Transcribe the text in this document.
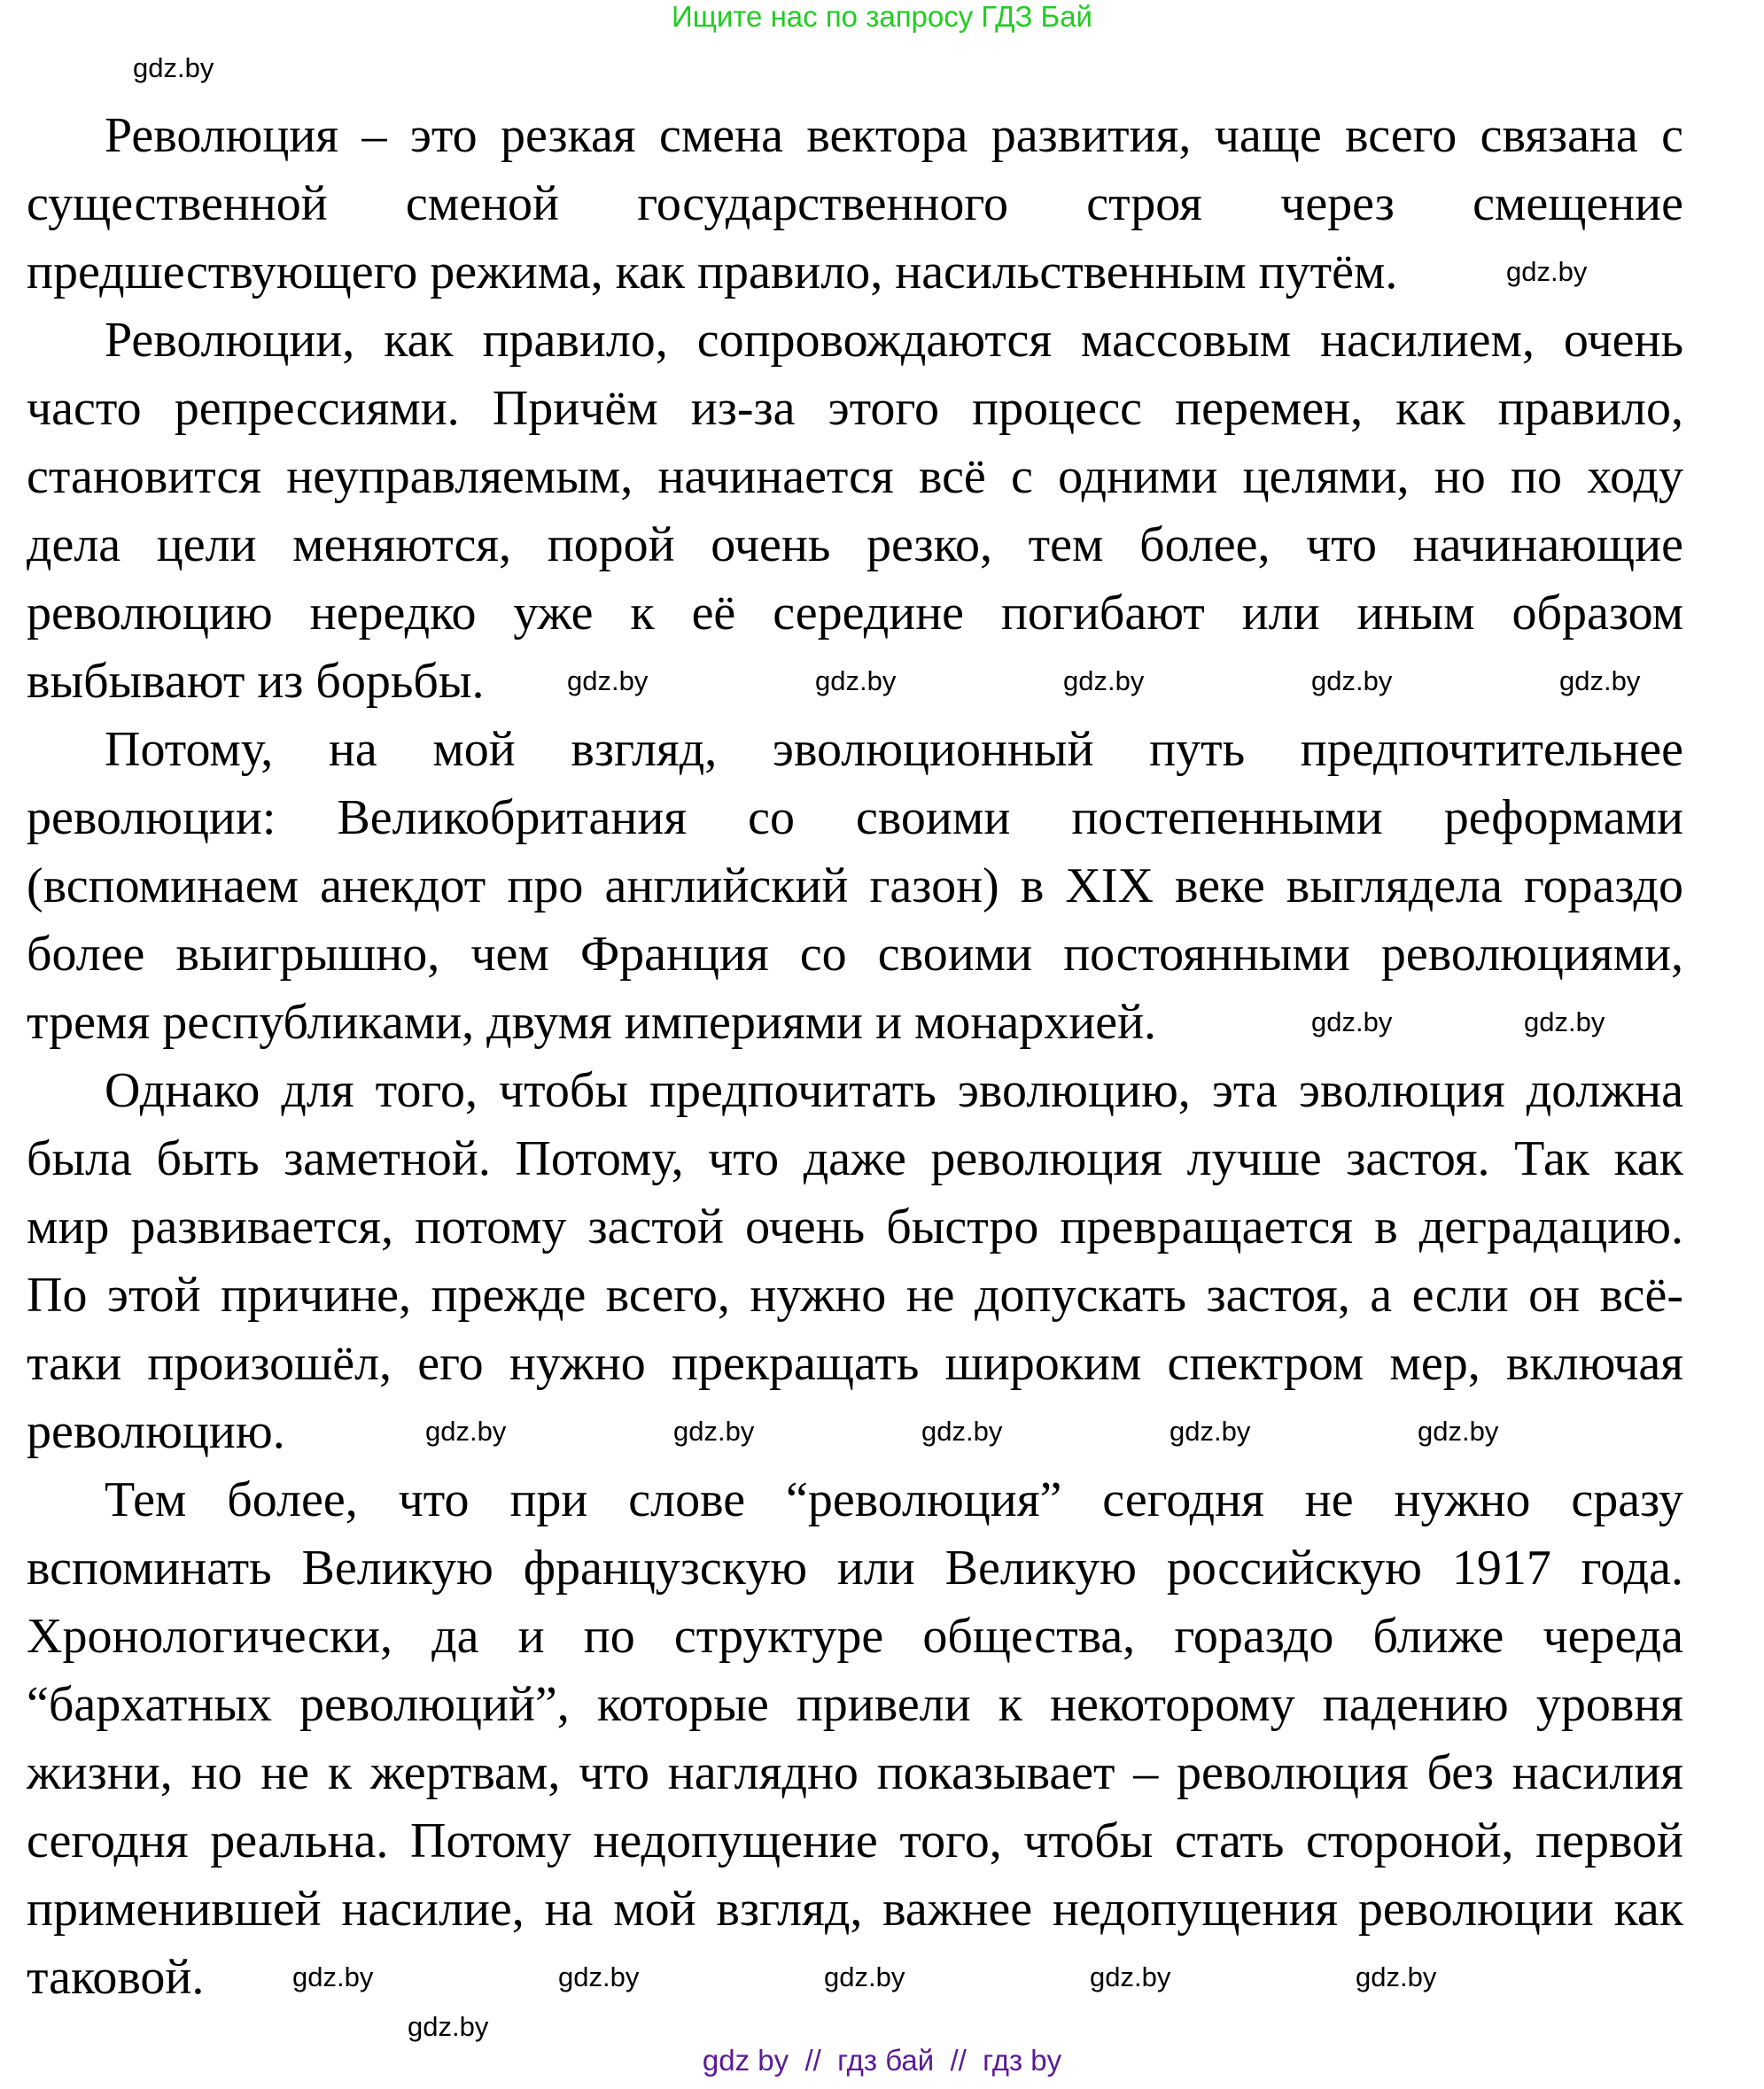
Ищите нас по запросу ГДЗ Бай
Революция – это резкая смена вектора развития, чаще всего связана с
существенной сменой государственного строя через смещение
предшествующего режима, как правило, насильственным путём.
Революции, как правило, сопровождаются массовым насилием, очень
часто репрессиями. Причём из-за этого процесс перемен, как правило,
становится неуправляемым, начинается всё с одними целями, но по ходу
дела цели меняются, порой очень резко, тем более, что начинающие
революцию нередко уже к её середине погибают или иным образом
выбывают из борьбы.
Потому, на мой взгляд, эволюционный путь предпочтительнее
революции: Великобритания со своими постепенными реформами
(вспоминаем анекдот про английский газон) в XIX веке выглядела гораздо
более выигрышно, чем Франция со своими постоянными революциями,
тремя республиками, двумя империями и монархией.
Однако для того, чтобы предпочитать эволюцию, эта эволюция должна
была быть заметной. Потому, что даже революция лучше застоя. Так как
мир развивается, потому застой очень быстро превращается в деградацию.
По этой причине, прежде всего, нужно не допускать застоя, а если он всё-
таки произошёл, его нужно прекращать широким спектром мер, включая
революцию.
Тем более, что при слове “революция” сегодня не нужно сразу
вспоминать Великую французскую или Великую российскую 1917 года.
Хронологически, да и по структуре общества, гораздо ближе череда
“бархатных революций”, которые привели к некоторому падению уровня
жизни, но не к жертвам, что наглядно показывает – революция без насилия
сегодня реальна. Потому недопущение того, чтобы стать стороной, первой
применившей насилие, на мой взгляд, важнее недопущения революции как
таковой.
gdz.by
gdz.by
gdz.by	gdz.by	gdz.by	gdz.by	gdz.by
gdz.by	gdz.by
gdz.by	gdz.by	gdz.by	gdz.by	gdz.by
gdz.by	gdz.by	gdz.by	gdz.by	gdz.by
gdz.by
gdz by  //  гдз бай  //  гдз by
